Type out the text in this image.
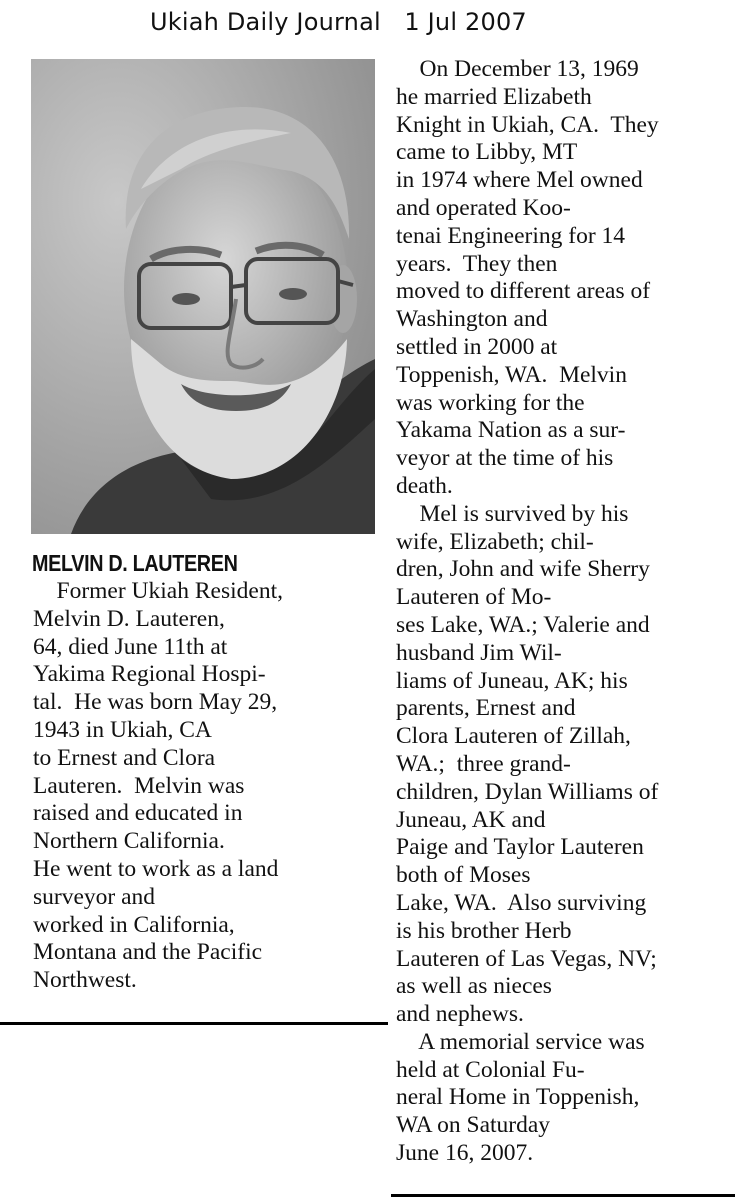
Ukiah Daily Journal 1 Jul 2007
MELVIN D. LAUTEREN
Former Ukiah Resident,
Melvin D. Lauteren,
64, died June 11th at
Yakima Regional Hospi-
tal.  He was born May 29,
1943 in Ukiah, CA
to Ernest and Clora
Lauteren.  Melvin was
raised and educated in
Northern California.
He went to work as a land
surveyor and
worked in California,
Montana and the Pacific
Northwest.
On December 13, 1969
he married Elizabeth
Knight in Ukiah, CA.  They
came to Libby, MT
in 1974 where Mel owned
and operated Koo-
tenai Engineering for 14
years.  They then
moved to different areas of
Washington and
settled in 2000 at
Toppenish, WA.  Melvin
was working for the
Yakama Nation as a sur-
veyor at the time of his
death.
Mel is survived by his
wife, Elizabeth; chil-
dren, John and wife Sherry
Lauteren of Mo-
ses Lake, WA.; Valerie and
husband Jim Wil-
liams of Juneau, AK; his
parents, Ernest and
Clora Lauteren of Zillah,
WA.;  three grand-
children, Dylan Williams of
Juneau, AK and
Paige and Taylor Lauteren
both of Moses
Lake, WA.  Also surviving
is his brother Herb
Lauteren of Las Vegas, NV;
as well as nieces
and nephews.
A memorial service was
held at Colonial Fu-
neral Home in Toppenish,
WA on Saturday
June 16, 2007.
